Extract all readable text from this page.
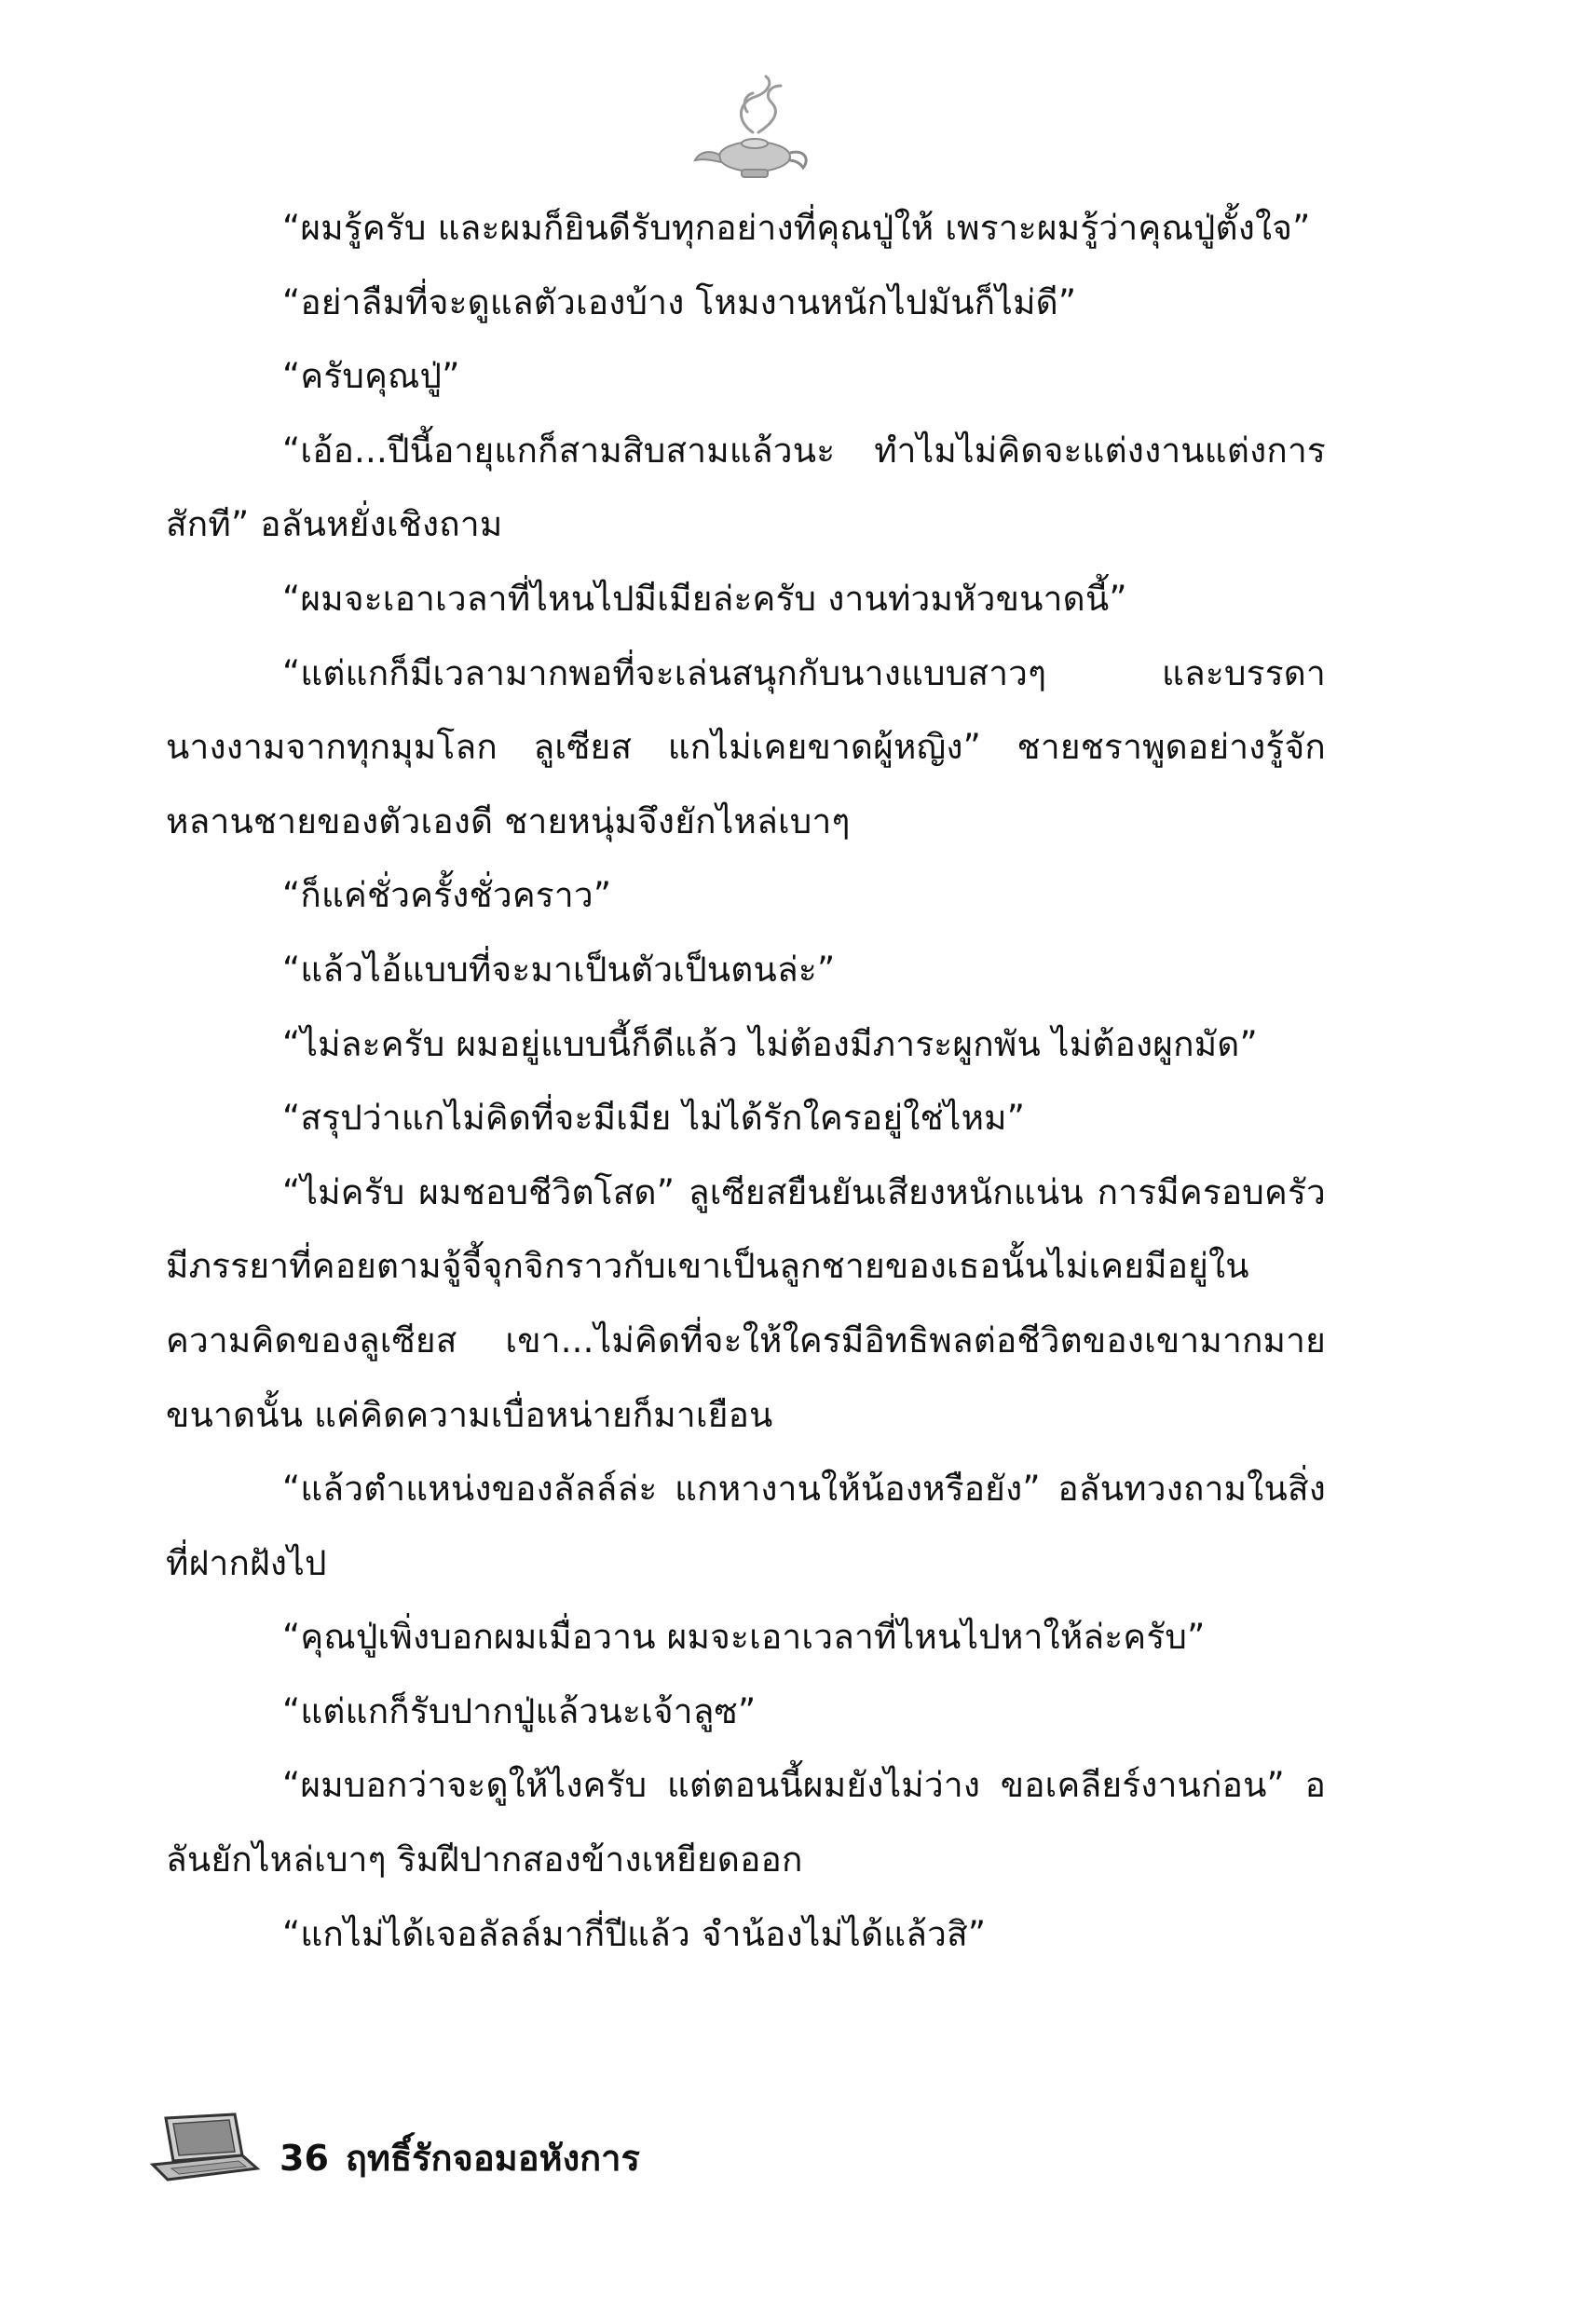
“ผมรู้ครับ และผมก็ยินดีรับทุกอย่างที่คุณปู่ให้ เพราะผมรู้ว่าคุณปู่ตั้งใจ”

“อย่าลืมที่จะดูแลตัวเองบ้าง โหมงานหนักไปมันก็ไม่ดี”

“ครับคุณปู่”

“เอ้อ...ปีนี้อายุแกก็สามสิบสามแล้วนะ ทำไมไม่คิดจะแต่งงานแต่งการสักที” อลันหยั่งเชิงถาม

“ผมจะเอาเวลาที่ไหนไปมีเมียล่ะครับ งานท่วมหัวขนาดนี้”

“แต่แกก็มีเวลามากพอที่จะเล่นสนุกกับนางแบบสาวๆ และบรรดานางงามจากทุกมุมโลก ลูเซียส แกไม่เคยขาดผู้หญิง” ชายชราพูดอย่างรู้จักหลานชายของตัวเองดี ชายหนุ่มจึงยักไหล่เบาๆ

“ก็แค่ชั่วครั้งชั่วคราว”

“แล้วไอ้แบบที่จะมาเป็นตัวเป็นตนล่ะ”

“ไม่ละครับ ผมอยู่แบบนี้ก็ดีแล้ว ไม่ต้องมีภาระผูกพัน ไม่ต้องผูกมัด”

“สรุปว่าแกไม่คิดที่จะมีเมีย ไม่ได้รักใครอยู่ใช่ไหม”

“ไม่ครับ ผมชอบชีวิตโสด” ลูเซียสยืนยันเสียงหนักแน่น การมีครอบครัว มีภรรยาที่คอยตามจู้จี้จุกจิกราวกับเขาเป็นลูกชายของเธอนั้นไม่เคยมีอยู่ในความคิดของลูเซียส เขา...ไม่คิดที่จะให้ใครมีอิทธิพลต่อชีวิตของเขามากมายขนาดนั้น แค่คิดความเบื่อหน่ายก็มาเยือน

“แล้วตำแหน่งของลัลล์ล่ะ แกหางานให้น้องหรือยัง” อลันทวงถามในสิ่งที่ฝากฝังไป

“คุณปู่เพิ่งบอกผมเมื่อวาน ผมจะเอาเวลาที่ไหนไปหาให้ล่ะครับ”

“แต่แกก็รับปากปู่แล้วนะเจ้าลูซ”

“ผมบอกว่าจะดูให้ไงครับ แต่ตอนนี้ผมยังไม่ว่าง ขอเคลียร์งานก่อน” อลันยักไหล่เบาๆ ริมฝีปากสองข้างเหยียดออก

“แกไม่ได้เจอลัลล์มากี่ปีแล้ว จำน้องไม่ได้แล้วสิ”

36 ฤทธิ์รักจอมอหังการ
